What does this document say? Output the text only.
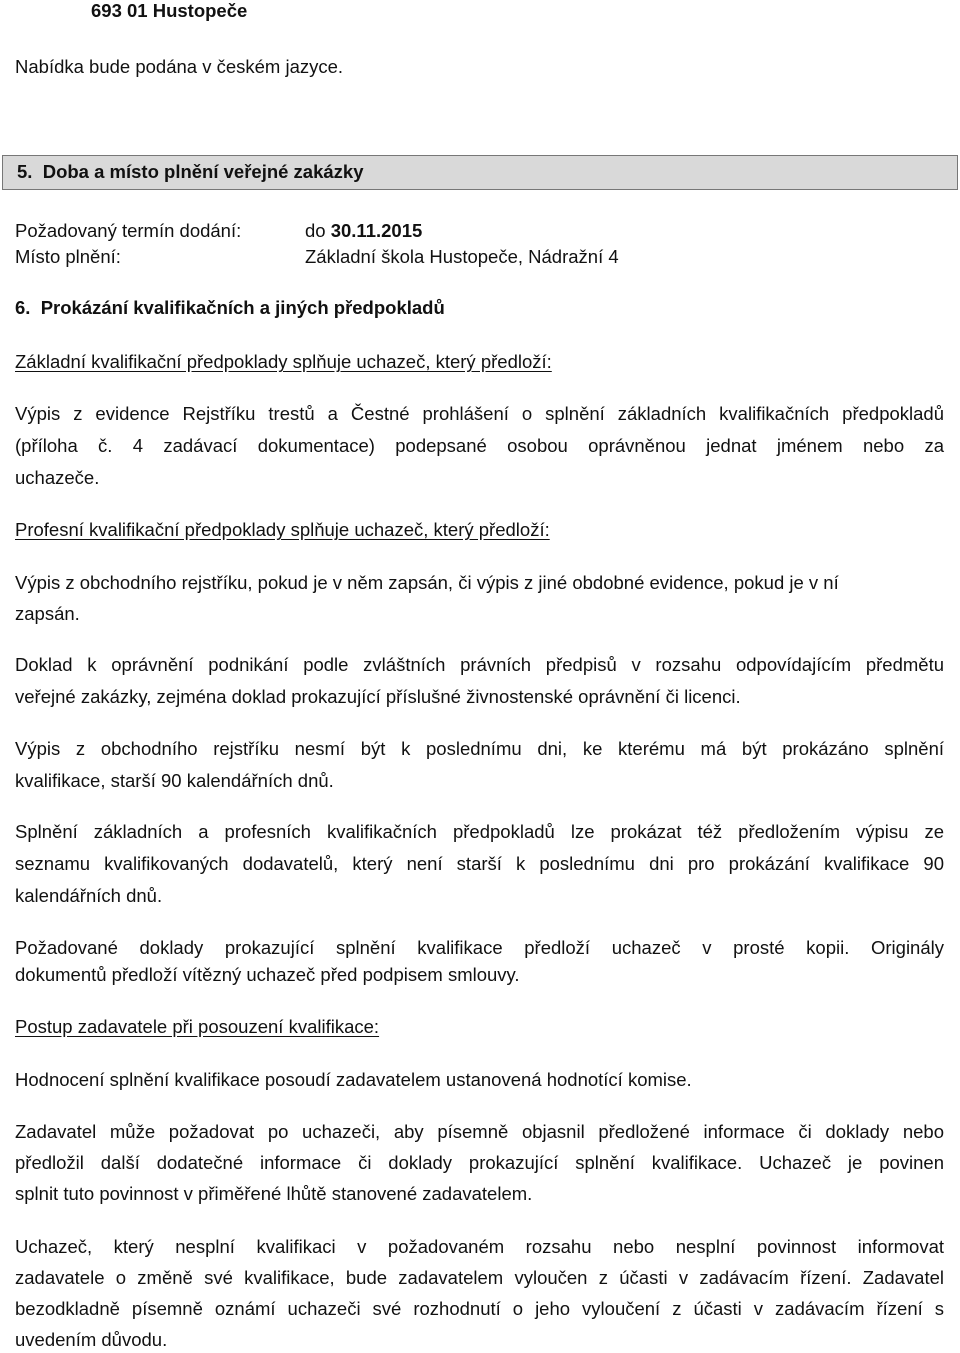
693 01 Hustopeče
Nabídka bude podána v českém jazyce.
5. Doba a místo plnění veřejné zakázky
Požadovaný termín dodání:	do 30.11.2015
Místo plnění:	Základní škola Hustopeče, Nádražní 4
6. Prokázání kvalifikačních a jiných předpokladů
Základní kvalifikační předpoklady splňuje uchazeč, který předloží:
Výpis z evidence Rejstříku trestů a Čestné prohlášení o splnění základních kvalifikačních předpokladů
(příloha č. 4 zadávací dokumentace) podepsané osobou oprávněnou jednat jménem nebo za
uchazeče.
Profesní kvalifikační předpoklady splňuje uchazeč, který předloží:
Výpis z obchodního rejstříku, pokud je v něm zapsán, či výpis z jiné obdobné evidence, pokud je v ní
zapsán.
Doklad k oprávnění podnikání podle zvláštních právních předpisů v rozsahu odpovídajícím předmětu
veřejné zakázky, zejména doklad prokazující příslušné živnostenské oprávnění či licenci.
Výpis z obchodního rejstříku nesmí být k poslednímu dni, ke kterému má být prokázáno splnění
kvalifikace, starší 90 kalendářních dnů.
Splnění základních a profesních kvalifikačních předpokladů lze prokázat též předložením výpisu ze
seznamu kvalifikovaných dodavatelů, který není starší k poslednímu dni pro prokázání kvalifikace 90
kalendářních dnů.
Požadované doklady prokazující splnění kvalifikace předloží uchazeč v prosté kopii. Originály
dokumentů předloží vítězný uchazeč před podpisem smlouvy.
Postup zadavatele při posouzení kvalifikace:
Hodnocení splnění kvalifikace posoudí zadavatelem ustanovená hodnotící komise.
Zadavatel může požadovat po uchazeči, aby písemně objasnil předložené informace či doklady nebo
předložil další dodatečné informace či doklady prokazující splnění kvalifikace. Uchazeč je povinen
splnit tuto povinnost v přiměřené lhůtě stanovené zadavatelem.
Uchazeč, který nesplní kvalifikaci v požadovaném rozsahu nebo nesplní povinnost informovat
zadavatele o změně své kvalifikace, bude zadavatelem vyloučen z účasti v zadávacím řízení. Zadavatel
bezodkladně písemně oznámí uchazeči své rozhodnutí o jeho vyloučení z účasti v zadávacím řízení s
uvedením důvodu.
